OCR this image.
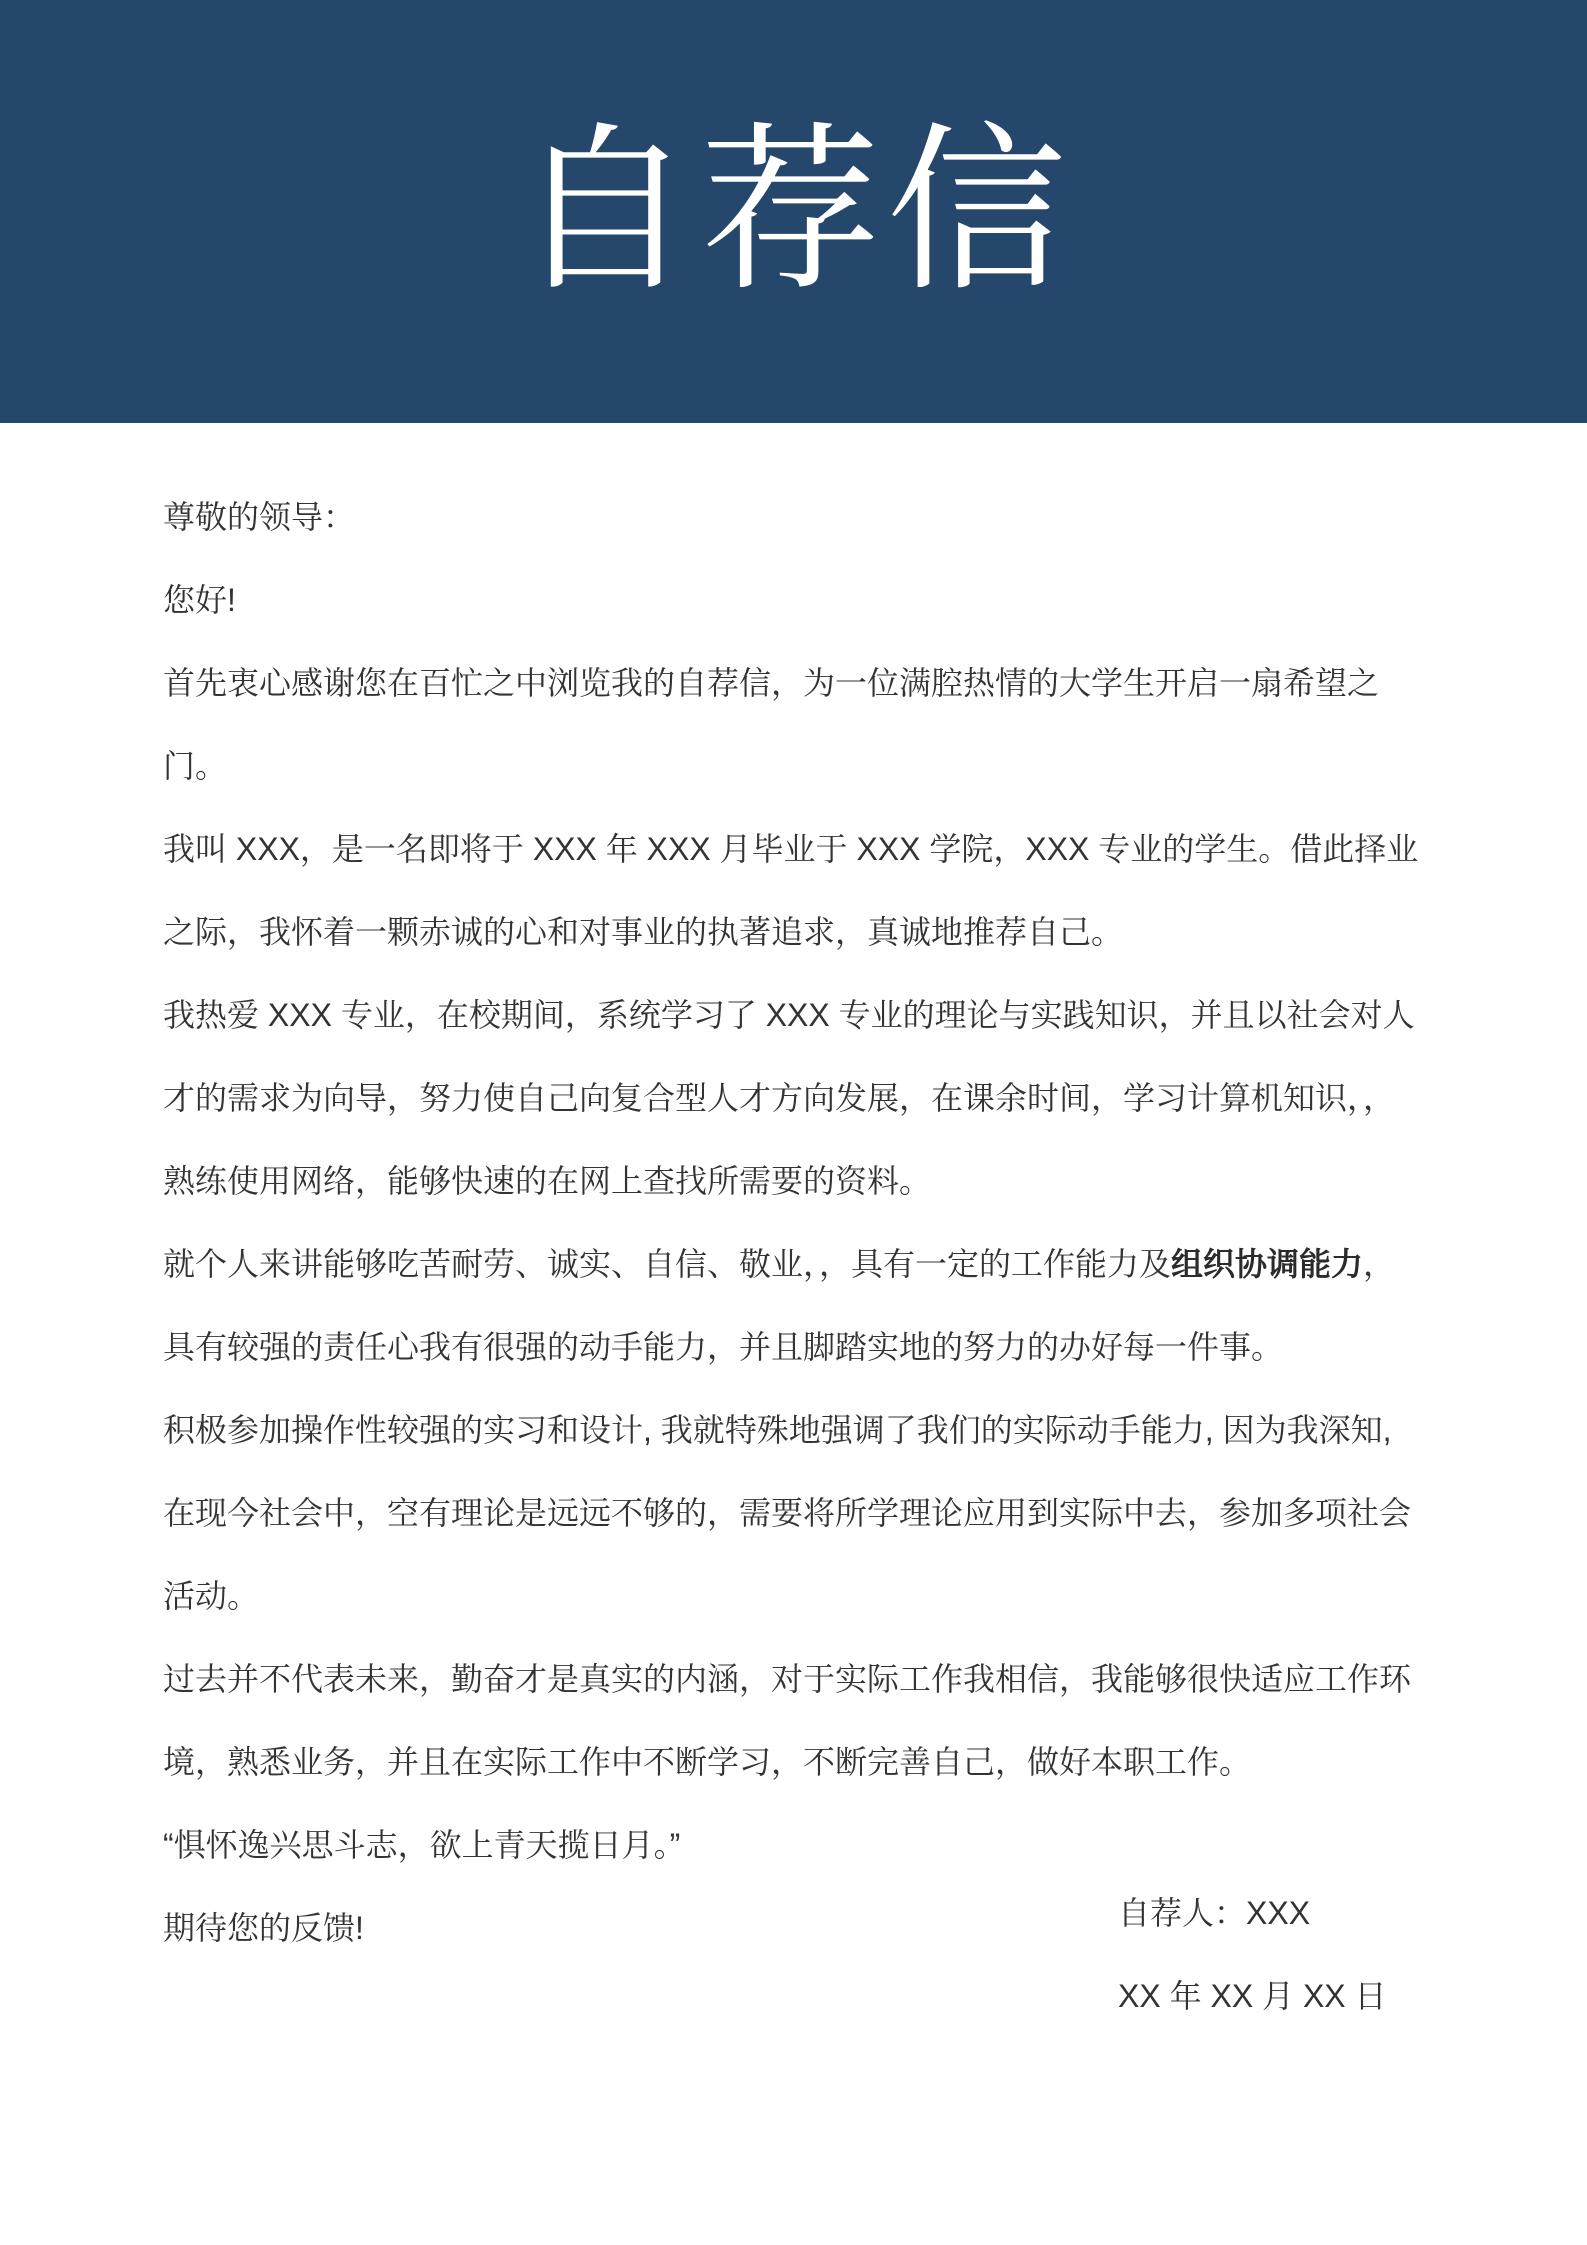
自荐信
尊敬的领导：
您好!
首先衷心感谢您在百忙之中浏览我的自荐信，为一位满腔热情的大学生开启一扇希望之
门。
我叫 XXX，是一名即将于 XXX 年 XXX 月毕业于 XXX 学院，XXX 专业的学生。借此择业
之际，我怀着一颗赤诚的心和对事业的执著追求，真诚地推荐自己。
我热爱 XXX 专业，在校期间，系统学习了 XXX 专业的理论与实践知识，并且以社会对人
才的需求为向导，努力使自己向复合型人才方向发展，在课余时间，学习计算机知识，，
熟练使用网络，能够快速的在网上查找所需要的资料。
就个人来讲能够吃苦耐劳、诚实、自信、敬业，，具有一定的工作能力及组织协调能力，
具有较强的责任心我有很强的动手能力，并且脚踏实地的努力的办好每一件事。
积极参加操作性较强的实习和设计, 我就特殊地强调了我们的实际动手能力, 因为我深知,
在现今社会中，空有理论是远远不够的，需要将所学理论应用到实际中去，参加多项社会
活动。
过去并不代表未来，勤奋才是真实的内涵，对于实际工作我相信，我能够很快适应工作环
境，熟悉业务，并且在实际工作中不断学习，不断完善自己，做好本职工作。
“惧怀逸兴思斗志，欲上青天揽日月。”
期待您的反馈!	自荐人：XXX
XX 年 XX 月 XX 日
